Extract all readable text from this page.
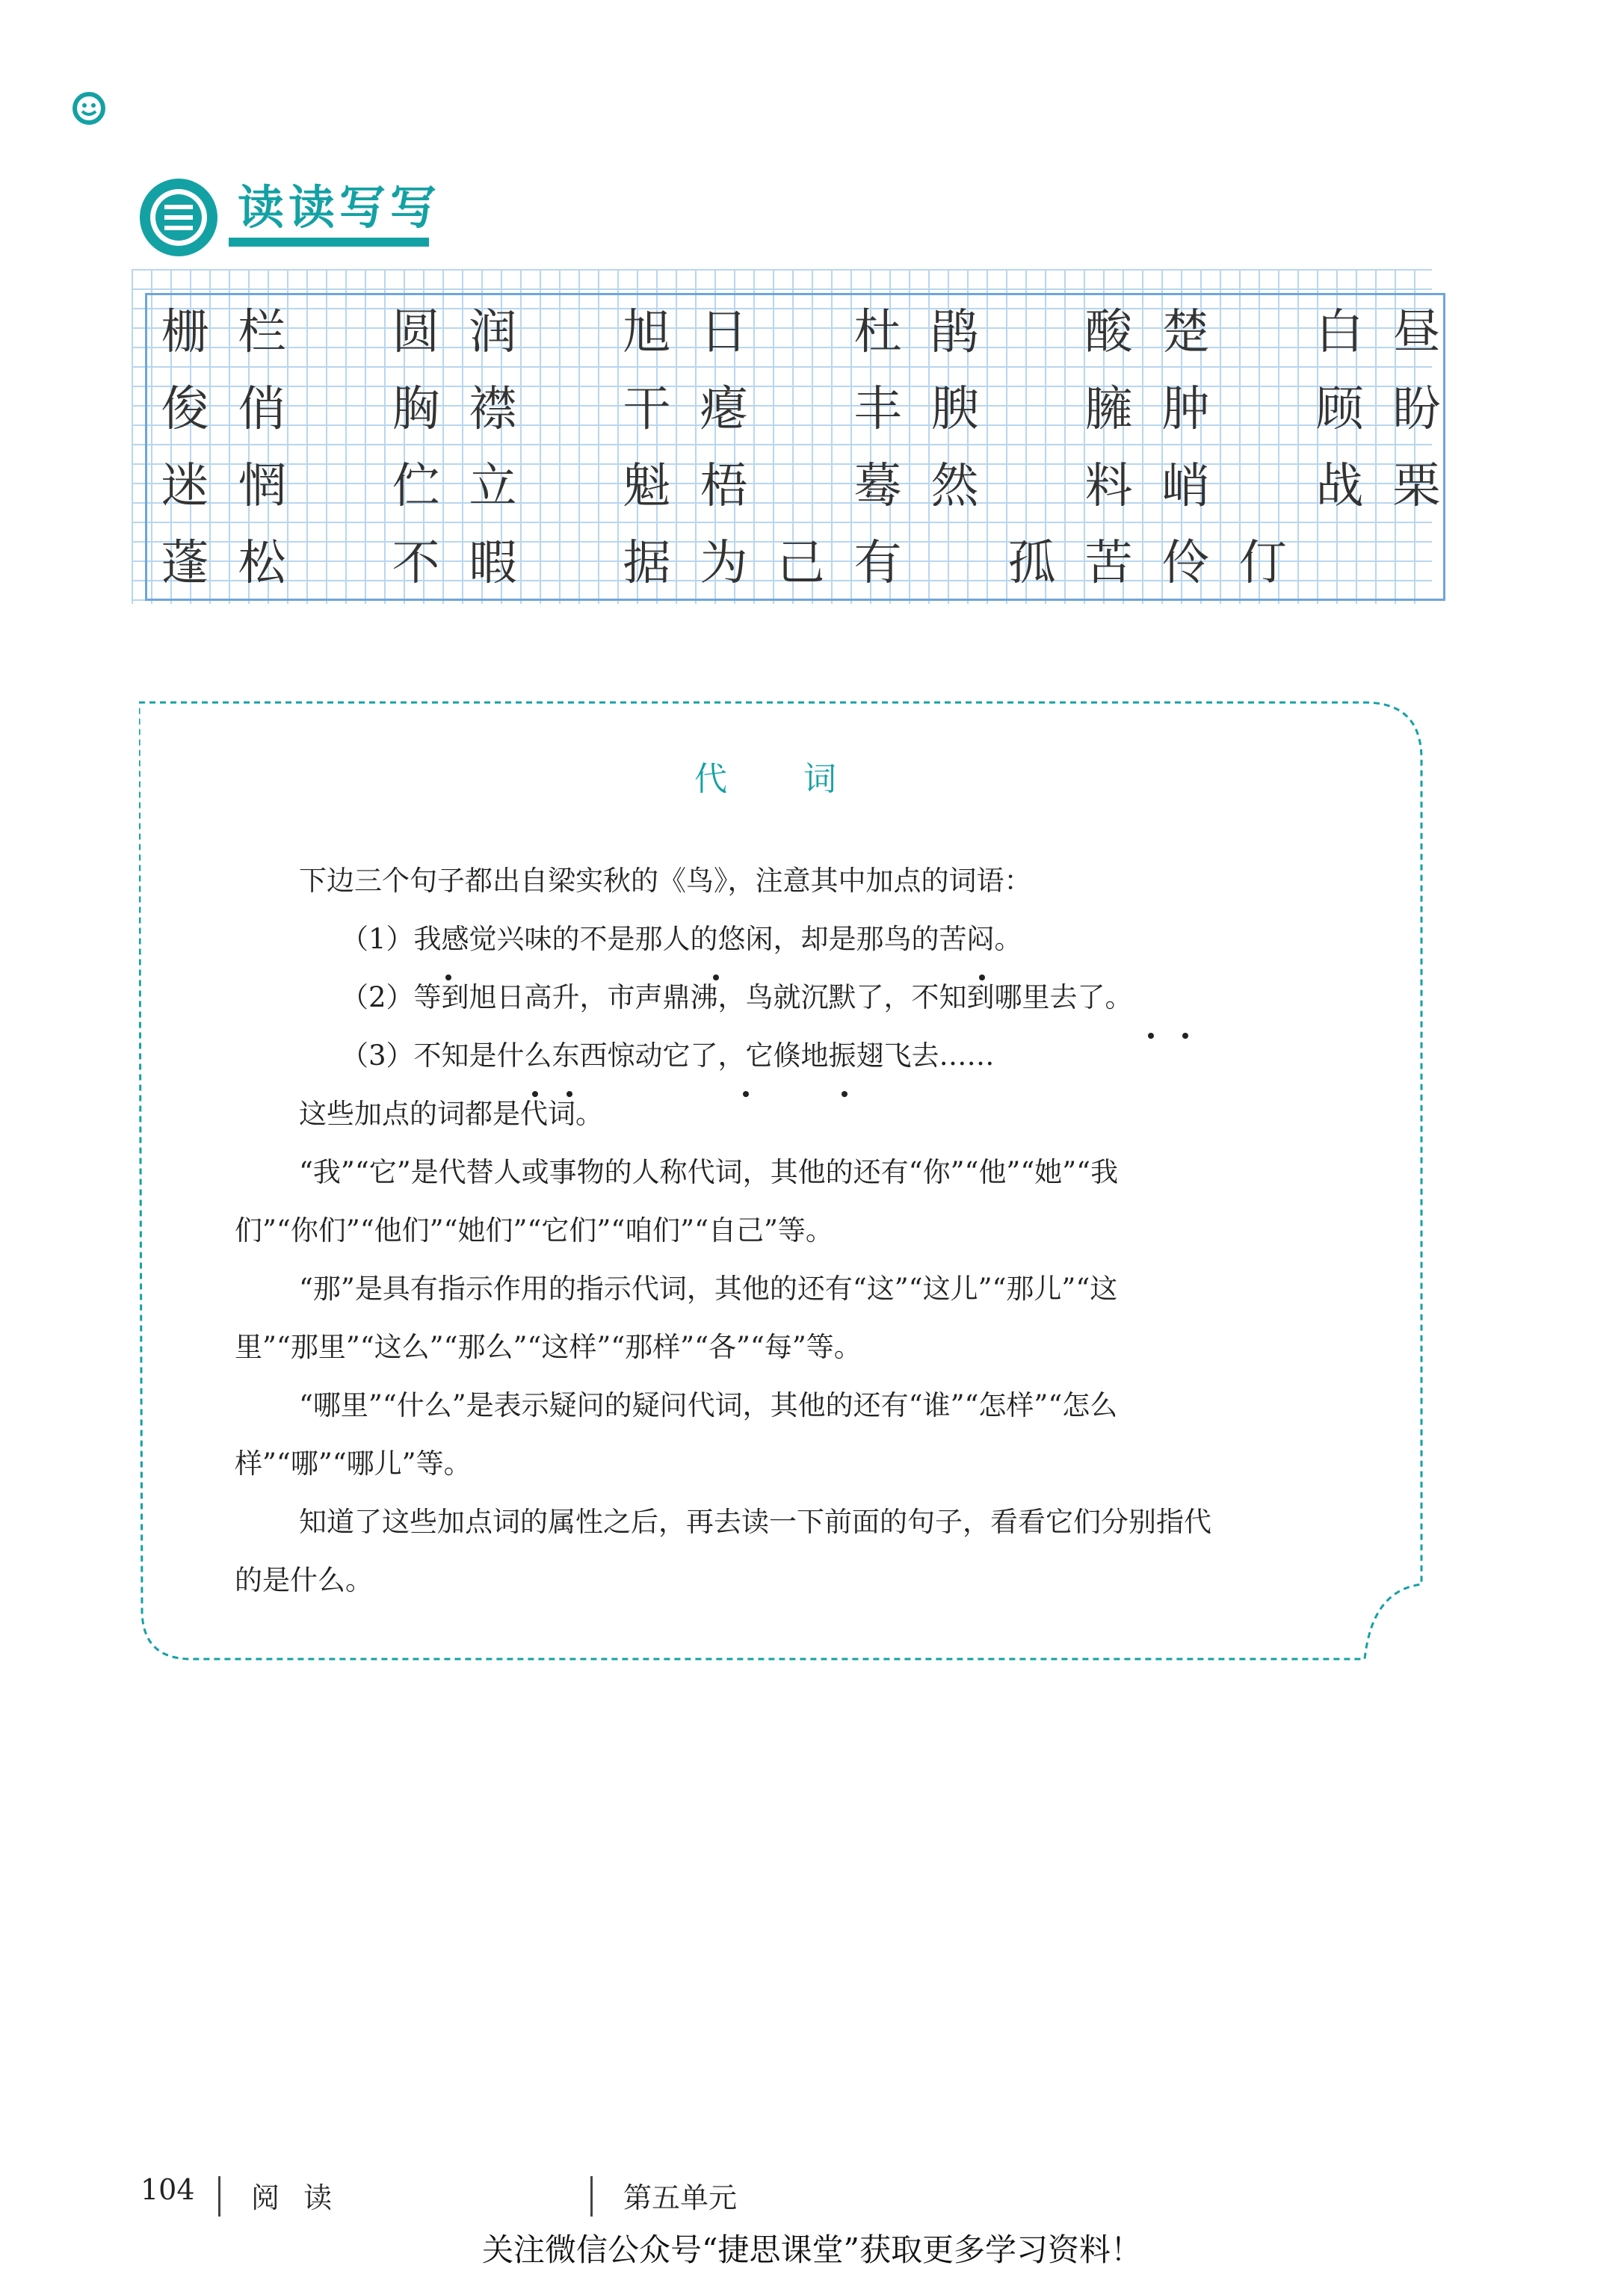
读读写写
栅 栏	圆 润	旭 日	杜 鹃	酸 楚	白 昼
俊 俏	胸 襟	干 瘪	丰 腴	臃 肿	顾 盼
迷 惘	伫 立	魁 梧	蓦 然	料 峭	战 栗
蓬 松	不 暇	据 为 己 有	孤 苦 伶 仃
代 词
下边三个句子都出自梁实秋的《鸟》，注意其中加点的词语：
（1）我感觉兴味的不是那人的悠闲，却是那鸟的苦闷。
（2）等到旭日高升，市声鼎沸，鸟就沉默了，不知到哪里去了。
（3）不知是什么东西惊动它了，它倏地振翅飞去……
这些加点的词都是代词。
“我”“它”是代替人或事物的人称代词，其他的还有“你”“他”“她”“我
们”“你们”“他们”“她们”“它们”“咱们”“自己”等。
“那”是具有指示作用的指示代词，其他的还有“这”“这儿”“那儿”“这
里”“那里”“这么”“那么”“这样”“那样”“各”“每”等。
“哪里”“什么”是表示疑问的疑问代词，其他的还有“谁”“怎样”“怎么
样”“哪”“哪儿”等。
知道了这些加点词的属性之后，再去读一下前面的句子，看看它们分别指代
的是什么。
104 阅 读	第五单元
关注微信公众号“捷思课堂”获取更多学习资料！
